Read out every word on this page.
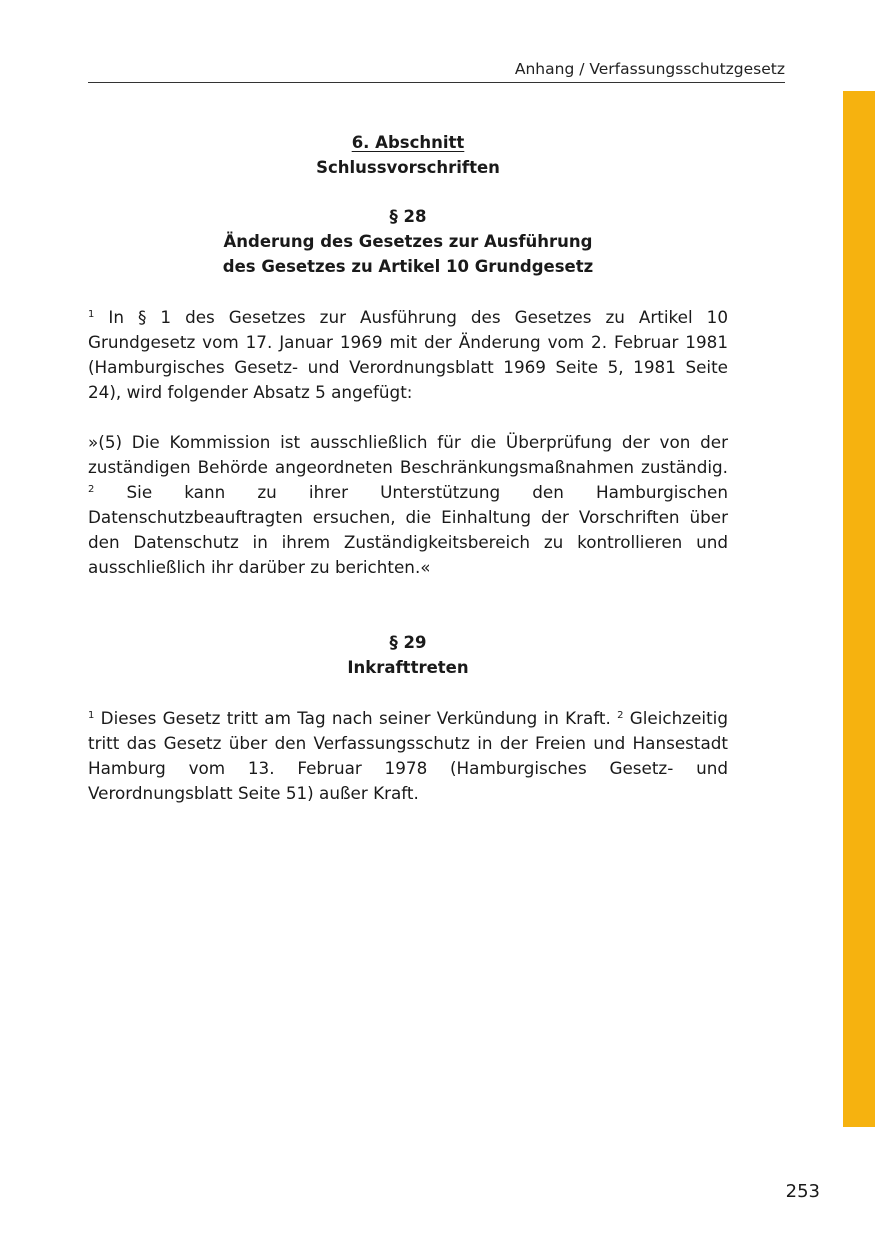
Anhang / Verfassungsschutzgesetz
6. Abschnitt
Schlussvorschriften
§ 28
Änderung des Gesetzes zur Ausführung
des Gesetzes zu Artikel 10 Grundgesetz

$^1$ In § 1 des Gesetzes zur Ausführung des Gesetzes zu Artikel 10 Grundgesetz vom 17. Januar 1969 mit der Änderung vom 2. Februar 1981 (Hamburgisches Gesetz- und Verordnungsblatt 1969 Seite 5, 1981 Seite 24), wird folgender Absatz 5 angefügt:

»(5) Die Kommission ist ausschließlich für die Überprüfung der von der zuständigen Behörde angeordneten Beschränkungsmaßnahmen zuständig. $^2$ Sie kann zu ihrer Unterstützung den Hamburgischen Datenschutzbeauftragten ersuchen, die Einhaltung der Vorschriften über den Datenschutz in ihrem Zuständigkeitsbereich zu kontrollieren und ausschließlich ihr darüber zu berichten.«

§ 29
Inkrafttreten

$^1$ Dieses Gesetz tritt am Tag nach seiner Verkündung in Kraft. $^2$ Gleichzeitig tritt das Gesetz über den Verfassungsschutz in der Freien und Hansestadt Hamburg vom 13. Februar 1978 (Hamburgisches Gesetz- und Verordnungsblatt Seite 51) außer Kraft.

253
